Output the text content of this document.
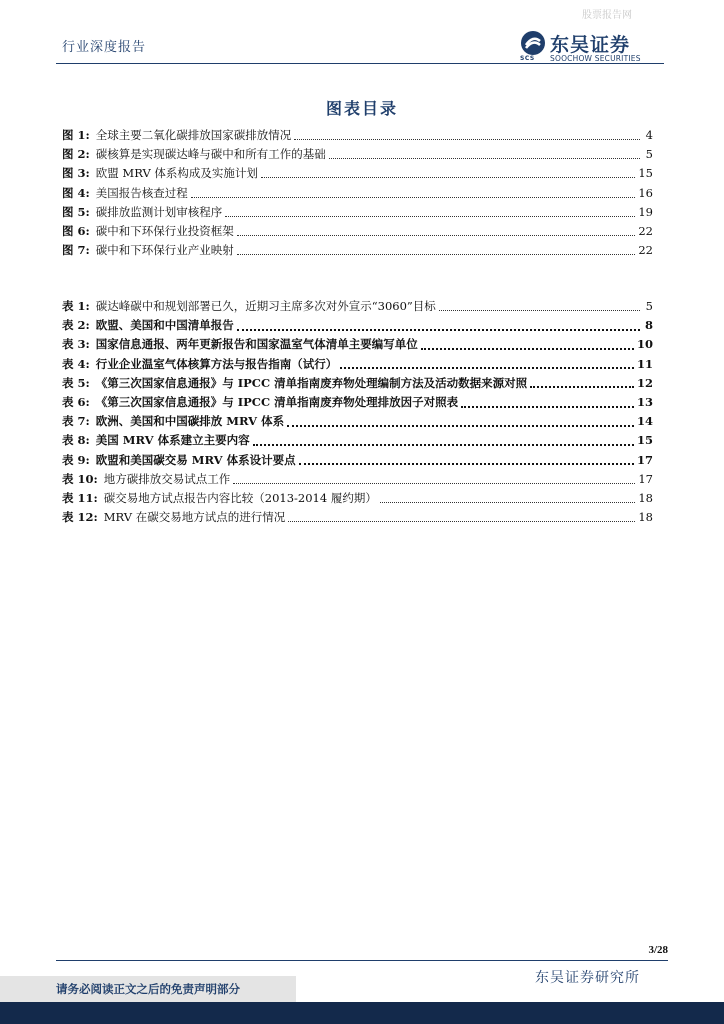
股票报告网
行业深度报告
SCS
东吴证券
SOOCHOW SECURITIES
图表目录
图 1: 全球主要二氧化碳排放国家碳排放情况	4
图 2: 碳核算是实现碳达峰与碳中和所有工作的基础	5
图 3: 欧盟 MRV 体系构成及实施计划	15
图 4: 美国报告核查过程	16
图 5: 碳排放监测计划审核程序	19
图 6: 碳中和下环保行业投资框架	22
图 7: 碳中和下环保行业产业映射	22
表 1: 碳达峰碳中和规划部署已久，近期习主席多次对外宣示“3060”目标	5
表 2: 欧盟、美国和中国清单报告	8
表 3: 国家信息通报、两年更新报告和国家温室气体清单主要编写单位	10
表 4: 行业企业温室气体核算方法与报告指南（试行）	11
表 5: 《第三次国家信息通报》与 IPCC 清单指南废弃物处理编制方法及活动数据来源对照	12
表 6: 《第三次国家信息通报》与 IPCC 清单指南废弃物处理排放因子对照表	13
表 7: 欧洲、美国和中国碳排放 MRV 体系	14
表 8: 美国 MRV 体系建立主要内容	15
表 9: 欧盟和美国碳交易 MRV 体系设计要点	17
表 10: 地方碳排放交易试点工作	17
表 11: 碳交易地方试点报告内容比较（2013-2014 履约期）	18
表 12: MRV 在碳交易地方试点的进行情况	18
3/28
东吴证券研究所
请务必阅读正文之后的免责声明部分
